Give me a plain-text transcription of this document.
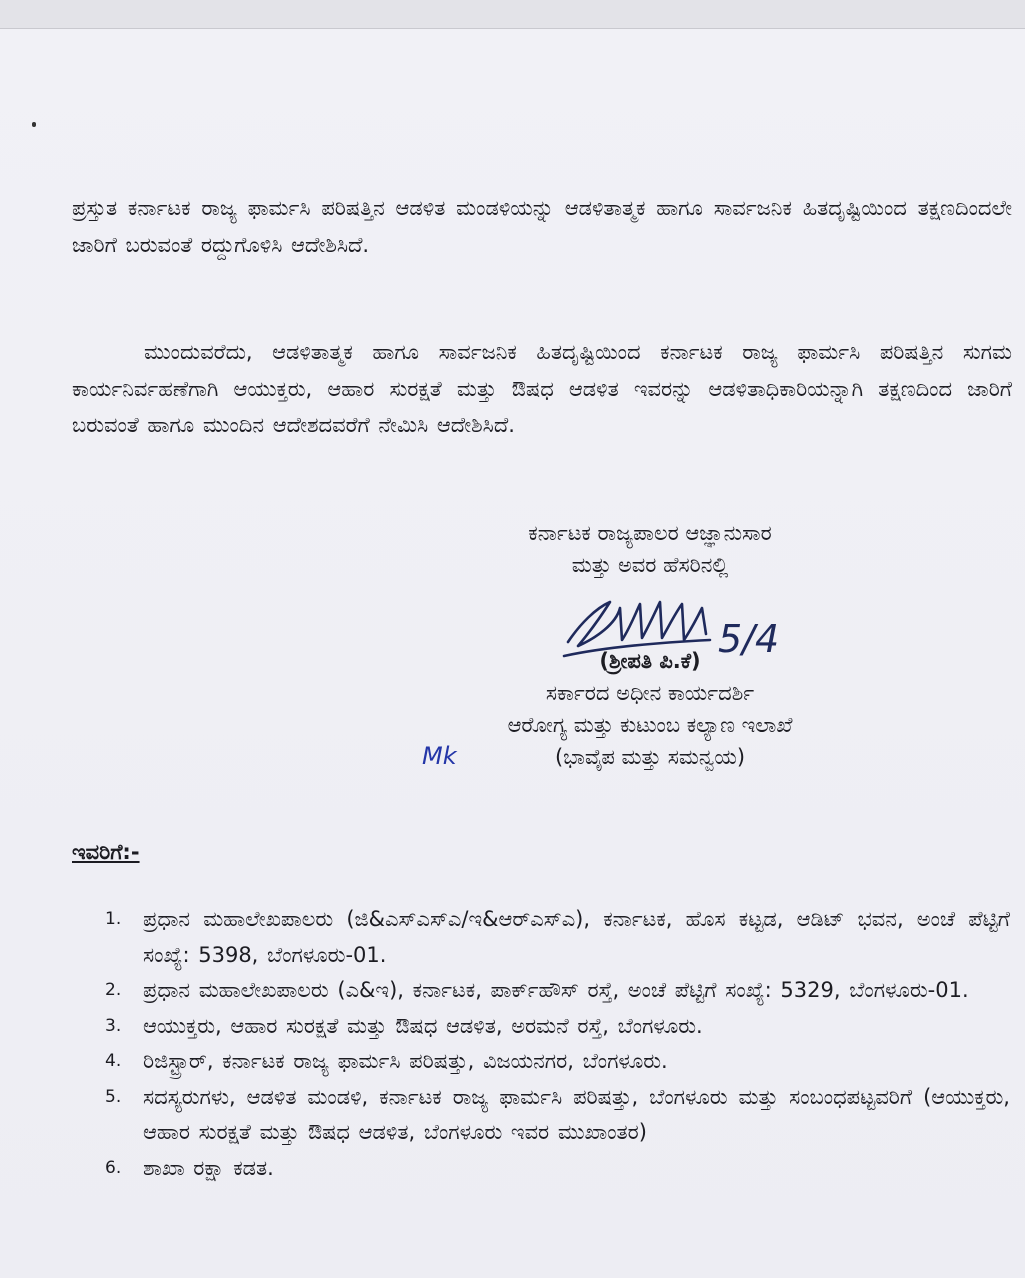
ಪ್ರಸ್ತುತ ಕರ್ನಾಟಕ ರಾಜ್ಯ ಫಾರ್ಮಸಿ ಪರಿಷತ್ತಿನ ಆಡಳಿತ ಮಂಡಳಿಯನ್ನು ಆಡಳಿತಾತ್ಮಕ ಹಾಗೂ ಸಾರ್ವಜನಿಕ ಹಿತದೃಷ್ಟಿಯಿಂದ ತಕ್ಷಣದಿಂದಲೇ ಜಾರಿಗೆ ಬರುವಂತೆ ರದ್ದುಗೊಳಿಸಿ ಆದೇಶಿಸಿದೆ.

ಮುಂದುವರೆದು, ಆಡಳಿತಾತ್ಮಕ ಹಾಗೂ ಸಾರ್ವಜನಿಕ ಹಿತದೃಷ್ಟಿಯಿಂದ ಕರ್ನಾಟಕ ರಾಜ್ಯ ಫಾರ್ಮಸಿ ಪರಿಷತ್ತಿನ ಸುಗಮ ಕಾರ್ಯನಿರ್ವಹಣೆಗಾಗಿ ಆಯುಕ್ತರು, ಆಹಾರ ಸುರಕ್ಷತೆ ಮತ್ತು ಔಷಧ ಆಡಳಿತ ಇವರನ್ನು ಆಡಳಿತಾಧಿಕಾರಿಯನ್ನಾಗಿ ತಕ್ಷಣದಿಂದ ಜಾರಿಗೆ ಬರುವಂತೆ ಹಾಗೂ ಮುಂದಿನ ಆದೇಶದವರೆಗೆ ನೇಮಿಸಿ ಆದೇಶಿಸಿದೆ.

ಕರ್ನಾಟಕ ರಾಜ್ಯಪಾಲರ ಆಜ್ಞಾನುಸಾರ
ಮತ್ತು ಅವರ ಹೆಸರಿನಲ್ಲಿ
5/4
(ಶ್ರೀಪತಿ ಪಿ.ಕೆ)
ಸರ್ಕಾರದ ಅಧೀನ ಕಾರ್ಯದರ್ಶಿ
ಆರೋಗ್ಯ ಮತ್ತು ಕುಟುಂಬ ಕಲ್ಯಾಣ ಇಲಾಖೆ
(ಭಾವೈಪ ಮತ್ತು ಸಮನ್ವಯ)
Mk
ಇವರಿಗೆ:-
1. ಪ್ರಧಾನ ಮಹಾಲೇಖಪಾಲರು (ಜಿ&ಎಸ್‌ಎಸ್‌ಎ/ಇ&ಆರ್‌ಎಸ್‌ಎ), ಕರ್ನಾಟಕ, ಹೊಸ ಕಟ್ಟಡ, ಆಡಿಟ್ ಭವನ, ಅಂಚೆ ಪೆಟ್ಟಿಗೆ ಸಂಖ್ಯೆ: 5398, ಬೆಂಗಳೂರು-01.
2. ಪ್ರಧಾನ ಮಹಾಲೇಖಪಾಲರು (ಎ&ಇ), ಕರ್ನಾಟಕ, ಪಾರ್ಕ್‌ಹೌಸ್ ರಸ್ತೆ, ಅಂಚೆ ಪೆಟ್ಟಿಗೆ ಸಂಖ್ಯೆ: 5329, ಬೆಂಗಳೂರು-01.
3. ಆಯುಕ್ತರು, ಆಹಾರ ಸುರಕ್ಷತೆ ಮತ್ತು ಔಷಧ ಆಡಳಿತ, ಅರಮನೆ ರಸ್ತೆ, ಬೆಂಗಳೂರು.
4. ರಿಜಿಸ್ಟ್ರಾರ್, ಕರ್ನಾಟಕ ರಾಜ್ಯ ಫಾರ್ಮಸಿ ಪರಿಷತ್ತು, ವಿಜಯನಗರ, ಬೆಂಗಳೂರು.
5. ಸದಸ್ಯರುಗಳು, ಆಡಳಿತ ಮಂಡಳಿ, ಕರ್ನಾಟಕ ರಾಜ್ಯ ಫಾರ್ಮಸಿ ಪರಿಷತ್ತು, ಬೆಂಗಳೂರು ಮತ್ತು ಸಂಬಂಧಪಟ್ಟವರಿಗೆ (ಆಯುಕ್ತರು, ಆಹಾರ ಸುರಕ್ಷತೆ ಮತ್ತು ಔಷಧ ಆಡಳಿತ, ಬೆಂಗಳೂರು ಇವರ ಮುಖಾಂತರ)
6. ಶಾಖಾ ರಕ್ಷಾ ಕಡತ.
